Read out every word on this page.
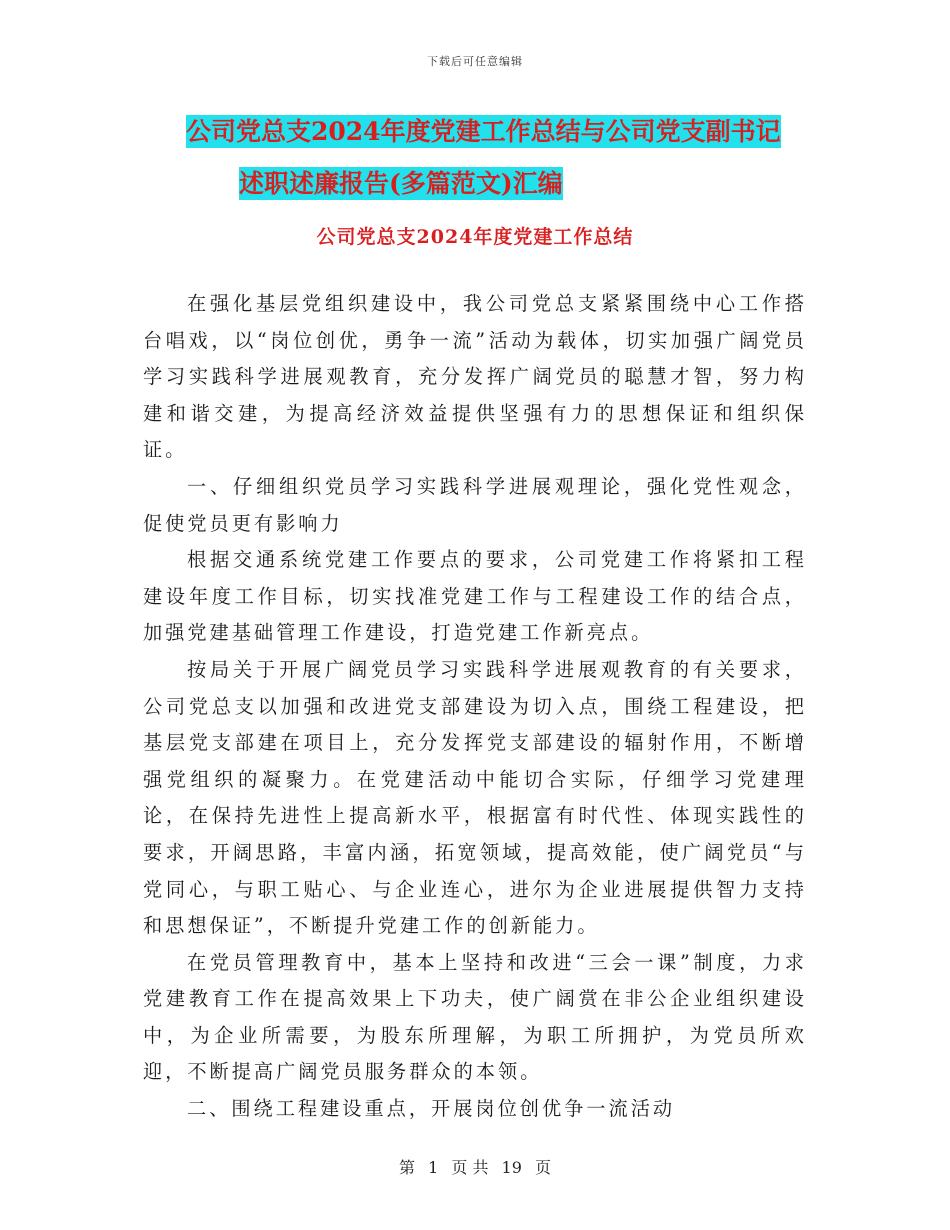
下载后可任意编辑
公司党总支2024年度党建工作总结与公司党支副书记
述职述廉报告(多篇范文)汇编
公司党总支2024年度党建工作总结

在强化基层党组织建设中，我公司党总支紧紧围绕中心工作搭台唱戏，以“岗位创优，勇争一流”活动为载体，切实加强广阔党员学习实践科学进展观教育，充分发挥广阔党员的聪慧才智，努力构建和谐交建，为提高经济效益提供坚强有力的思想保证和组织保证。

一、仔细组织党员学习实践科学进展观理论，强化党性观念，促使党员更有影响力

根据交通系统党建工作要点的要求，公司党建工作将紧扣工程建设年度工作目标，切实找准党建工作与工程建设工作的结合点，加强党建基础管理工作建设，打造党建工作新亮点。

按局关于开展广阔党员学习实践科学进展观教育的有关要求，公司党总支以加强和改进党支部建设为切入点，围绕工程建设，把基层党支部建在项目上，充分发挥党支部建设的辐射作用，不断增强党组织的凝聚力。在党建活动中能切合实际，仔细学习党建理论，在保持先进性上提高新水平，根据富有时代性、体现实践性的要求，开阔思路，丰富内涵，拓宽领域，提高效能，使广阔党员“与党同心，与职工贴心、与企业连心，进尔为企业进展提供智力支持和思想保证”，不断提升党建工作的创新能力。

在党员管理教育中，基本上坚持和改进“三会一课”制度，力求党建教育工作在提高效果上下功夫，使广阔赏在非公企业组织建设中，为企业所需要，为股东所理解，为职工所拥护，为党员所欢迎，不断提高广阔党员服务群众的本领。

二、围绕工程建设重点，开展岗位创优争一流活动

第 1 页 共 19 页
